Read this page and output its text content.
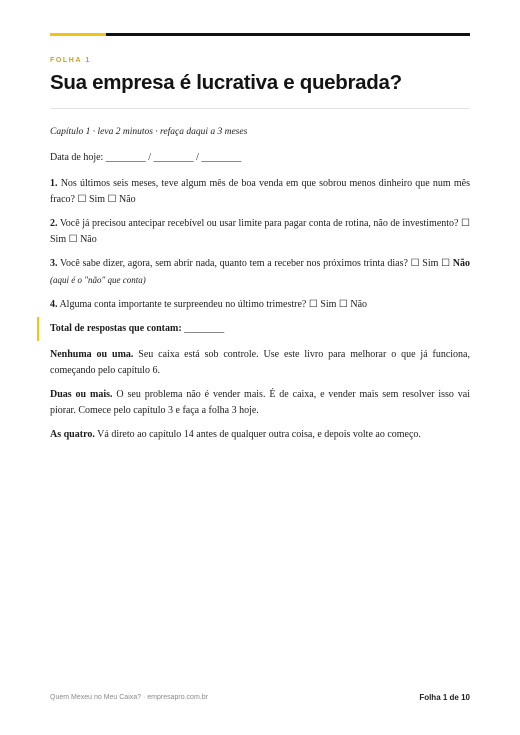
FOLHA 1
Sua empresa é lucrativa e quebrada?

Capítulo 1 · leva 2 minutos · refaça daqui a 3 meses

Data de hoje: ________ / ________ / ________

1. Nos últimos seis meses, teve algum mês de boa venda em que sobrou menos dinheiro que num mês fraco? ☐ Sim ☐ Não

2. Você já precisou antecipar recebível ou usar limite para pagar conta de rotina, não de investimento? ☐ Sim ☐ Não

3. Você sabe dizer, agora, sem abrir nada, quanto tem a receber nos próximos trinta dias? ☐ Sim ☐ Não (aqui é o "não" que conta)

4. Alguma conta importante te surpreendeu no último trimestre? ☐ Sim ☐ Não

Total de respostas que contam: ________

Nenhuma ou uma. Seu caixa está sob controle. Use este livro para melhorar o que já funciona, começando pelo capítulo 6.

Duas ou mais. O seu problema não é vender mais. É de caixa, e vender mais sem resolver isso vai piorar. Comece pelo capítulo 3 e faça a folha 3 hoje.

As quatro. Vá direto ao capítulo 14 antes de qualquer outra coisa, e depois volte ao começo.

Quem Mexeu no Meu Caixa? · empresapro.com.br	Folha 1 de 10
